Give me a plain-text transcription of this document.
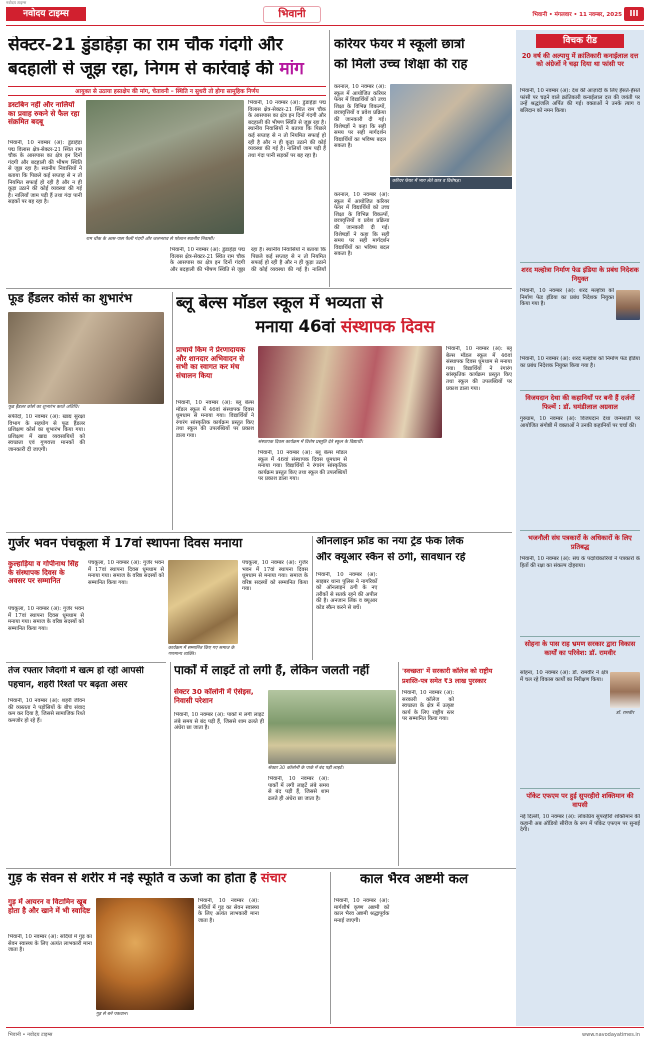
नवोदय टाइम्स
नवोदय टाइम्स
भिवानी	भिवानी • मंगलवार • 11 नवम्बर, 2025 III
सेक्टर-21 डुंडाहेड़ा का राम चौक गंदगी और
बदहाली से जूझ रहा, निगम से कार्रवाई की मांग
आयुक्त से उठाया हस्तक्षेप की मांग, चेतावनी – स्थिति न सुधरी तो होगा सामूहिक निर्णय
डस्टबिन नहीं और नालियों का प्रवाह रुकने से फैल रहा संक्रमित बदबू
भिवानी, 10 नवम्बर (अ): डुंडाहेड़ा पद्म विलास क्षेत्र-सेक्टर-21 स्थित राम चौक के आसपास का क्षेत्र इन दिनों गंदगी और बदहाली की भीषण स्थिति से जूझ रहा है। स्थानीय निवासियों ने बताया कि पिछले कई सप्ताह से न तो नियमित सफाई हो रही है और न ही कूड़ा उठाने की कोई व्यवस्था की गई है। नालियाँ जाम पड़ी हैं तथा गंदा पानी सड़कों पर बह रहा है।
भिवानी, 10 नवम्बर (अ): डुंडाहेड़ा पद्म विलास क्षेत्र-सेक्टर-21 स्थित राम चौक के आसपास का क्षेत्र इन दिनों गंदगी और बदहाली की भीषण स्थिति से जूझ रहा है। स्थानीय निवासियों ने बताया कि पिछले कई सप्ताह से न तो नियमित सफाई हो रही है और न ही कूड़ा उठाने की कोई व्यवस्था की गई है। नालियाँ जाम पड़ी हैं तथा गंदा पानी सड़कों पर बह रहा है।
राम चौक के आस-पास फैली गंदगी और जलभराव से परेशान स्थानीय निवासी।
भिवानी, 10 नवम्बर (अ): डुंडाहेड़ा पद्म विलास क्षेत्र-सेक्टर-21 स्थित राम चौक के आसपास का क्षेत्र इन दिनों गंदगी और बदहाली की भीषण स्थिति से जूझ रहा है। स्थानीय निवासियों ने बताया कि पिछले कई सप्ताह से न तो नियमित सफाई हो रही है और न ही कूड़ा उठाने की कोई व्यवस्था की गई है। नालियाँ
करियर फेयर में स्कूली छात्रों
को मिली उच्च शिक्षा की राह
करनाल, 10 नवम्बर (अ): स्कूल में आयोजित करियर फेयर में विद्यार्थियों को उच्च शिक्षा के विभिन्न विकल्पों, छात्रवृत्तियों व प्रवेश प्रक्रिया की जानकारी दी गई। विशेषज्ञों ने कहा कि सही समय पर सही मार्गदर्शन विद्यार्थियों का भविष्य बदल सकता है।
करियर फेयर में भाग लेते छात्र व विशेषज्ञ।
करनाल, 10 नवम्बर (अ): स्कूल में आयोजित करियर फेयर में विद्यार्थियों को उच्च शिक्षा के विभिन्न विकल्पों, छात्रवृत्तियों व प्रवेश प्रक्रिया की जानकारी दी गई। विशेषज्ञों ने कहा कि सही समय पर सही मार्गदर्शन विद्यार्थियों का भविष्य बदल सकता है।
फूड हैंडलर कोर्स का शुभारंभ
फूड हैंडलर कोर्स का शुभारंभ करते अतिथि।
सफीदों, 10 नवम्बर (अ): खाद्य सुरक्षा विभाग के सहयोग से फूड हैंडलर प्रशिक्षण कोर्स का शुभारंभ किया गया। प्रशिक्षण में खाद्य व्यवसायियों को स्वच्छता एवं गुणवत्ता मानकों की जानकारी दी जाएगी।
ब्लू बेल्स मॉडल स्कूल में भव्यता से
मनाया 46वां संस्थापक दिवस
प्राचार्य किम ने प्रेरणादायक और शानदार अभिवादन से सभी का स्वागत कर मंच संचालन किया
भिवानी, 10 नवम्बर (अ): ब्लू बेल्स मॉडल स्कूल में 46वां संस्थापक दिवस धूमधाम से मनाया गया। विद्यार्थियों ने रंगारंग सांस्कृतिक कार्यक्रम प्रस्तुत किए तथा स्कूल की उपलब्धियों पर प्रकाश डाला गया।
संस्थापक दिवस कार्यक्रम में विशेष प्रस्तुति देते स्कूल के विद्यार्थी।
भिवानी, 10 नवम्बर (अ): ब्लू बेल्स मॉडल स्कूल में 46वां संस्थापक दिवस धूमधाम से मनाया गया। विद्यार्थियों ने रंगारंग सांस्कृतिक कार्यक्रम प्रस्तुत किए तथा स्कूल की उपलब्धियों पर प्रकाश डाला गया।
भिवानी, 10 नवम्बर (अ): ब्लू बेल्स मॉडल स्कूल में 46वां संस्थापक दिवस धूमधाम से मनाया गया। विद्यार्थियों ने रंगारंग सांस्कृतिक कार्यक्रम प्रस्तुत किए तथा स्कूल की उपलब्धियों पर प्रकाश डाला गया।
गुर्जर भवन पंचकूला में 17वां स्थापना दिवस मनाया
कुल्हाड़िया व गोपीनाथ सिंह के संस्थापक दिवस के अवसर पर सम्मानित
पंचकूला, 10 नवम्बर (अ): गुर्जर भवन में 17वां स्थापना दिवस धूमधाम से मनाया गया। समाज के वरिष्ठ सदस्यों को सम्मानित किया गया।
पंचकूला, 10 नवम्बर (अ): गुर्जर भवन में 17वां स्थापना दिवस धूमधाम से मनाया गया। समाज के वरिष्ठ सदस्यों को सम्मानित किया गया।
कार्यक्रम में सम्मानित किए गए समाज के गणमान्य व्यक्ति।
पंचकूला, 10 नवम्बर (अ): गुर्जर भवन में 17वां स्थापना दिवस धूमधाम से मनाया गया। समाज के वरिष्ठ सदस्यों को सम्मानित किया गया।
ऑनलाइन फ्रॉड का नया ट्रेंड फेक लिंक
और क्यूआर स्कैन से ठगी, सावधान रहें
भिवानी, 10 नवम्बर (अ): साइबर थाना पुलिस ने नागरिकों को ऑनलाइन ठगी के नए तरीकों से सतर्क रहने की अपील की है। अनजान लिंक व क्यूआर कोड स्कैन करने से बचें।
तेज रफ्तार जिंदगी में खत्म हो रही आपसी
पहचान, शहरी रिश्तों पर बढ़ता असर
भिवानी, 10 नवम्बर (अ): शहरी जीवन की व्यस्तता ने पड़ोसियों के बीच संवाद कम कर दिया है, जिससे सामाजिक रिश्ते कमजोर हो रहे हैं।
पार्कों में लाइटें तो लगी हैं, लेकिन जलती नहीं
सेक्टर 30 कॉलोनी में ऐसेइस, निवासी परेशान
भिवानी, 10 नवम्बर (अ): पार्कों में लगी लाइटें लंबे समय से बंद पड़ी हैं, जिससे शाम ढलते ही अंधेरा छा जाता है।
सेक्टर 30 कॉलोनी के पार्क में बंद पड़ी लाइटें।
भिवानी, 10 नवम्बर (अ): पार्कों में लगी लाइटें लंबे समय से बंद पड़ी हैं, जिससे शाम ढलते ही अंधेरा छा जाता है।
'स्वच्छता' में सरकारी कॉलेज को राष्ट्रीय
प्रशस्ति-पत्र समेत ₹3 लाख पुरस्कार
भिवानी, 10 नवम्बर (अ): सरकारी कॉलेज को स्वच्छता के क्षेत्र में उत्कृष्ट कार्य के लिए राष्ट्रीय स्तर पर सम्मानित किया गया।
गुड़ के सेवन से शरीर में नई स्फूर्ति व ऊर्जा का होता है संचार
गुड़ में आयरन व विटामिन खूब होता है और खाने में भी स्वादिष्ट
भिवानी, 10 नवम्बर (अ): सर्दियों में गुड़ का सेवन स्वास्थ्य के लिए अत्यंत लाभकारी माना जाता है।
गुड़ से बने पकवान।
भिवानी, 10 नवम्बर (अ): सर्दियों में गुड़ का सेवन स्वास्थ्य के लिए अत्यंत लाभकारी माना जाता है।
काल भैरव अष्टमी कल
भिवानी, 10 नवम्बर (अ): मार्गशीर्ष कृष्ण अष्टमी को काल भैरव अष्टमी श्रद्धापूर्वक मनाई जाएगी।
विचक रीड
20 वर्ष की अल्पायु में क्रांतिकारी कनाईलाल दत्त को अंग्रेजों ने चढ़ा दिया था फांसी पर
भिवानी, 10 नवम्बर (अ): देश की आज़ादी के लिए हँसते-हँसते फांसी पर चढ़ने वाले क्रांतिकारी कनाईलाल दत्त की जयंती पर उन्हें श्रद्धांजलि अर्पित की गई। वक्ताओं ने उनके त्याग व बलिदान को नमन किया।
शरद मल्होत्रा निर्माण फेड इंडिया के प्रबंध निदेशक नियुक्त
भिवानी, 10 नवम्बर (अ): शरद मल्होत्रा को निर्माण फेड इंडिया का प्रबंध निदेशक नियुक्त किया गया है।
भिवानी, 10 नवम्बर (अ): शरद मल्होत्रा को निर्माण फेड इंडिया का प्रबंध निदेशक नियुक्त किया गया है।
विजयदान देथा की कहानियाँ पर बनी हैं दर्जनों फिल्में : डॉ. घमंडीलाल अग्रवाल
गुरुग्राम, 10 नवम्बर (अ): विजयदान देथा जन्मशती पर आयोजित संगोष्ठी में वक्ताओं ने उनकी कहानियों पर चर्चा की।
भजनौली संघ पत्रकारों के अधिकारों के लिए प्रतिबद्ध
भिवानी, 10 नवम्बर (अ): संघ के पदाधिकारियों ने पत्रकारों के हितों की रक्षा का संकल्प दोहराया।
सोहना के पास राह भ्रमण सरकार द्वारा विकास कार्यों का परिवेश: डॉ. रामवीर
सोहना, 10 नवम्बर (अ): डॉ. रामवीर ने क्षेत्र में चल रहे विकास कार्यों का निरीक्षण किया।
डॉ. रामवीर
पॉकेट एफएम पर हुई सुपरहीरो शक्तिमान की वापसी
नई दिल्ली, 10 नवम्बर (अ): लोकप्रिय सुपरहीरो शक्तिमान की कहानी अब ऑडियो सीरीज के रूप में पॉकेट एफएम पर सुनाई देगी।
भिवानी • नवोदय टाइम्स	www.navodayatimes.in
